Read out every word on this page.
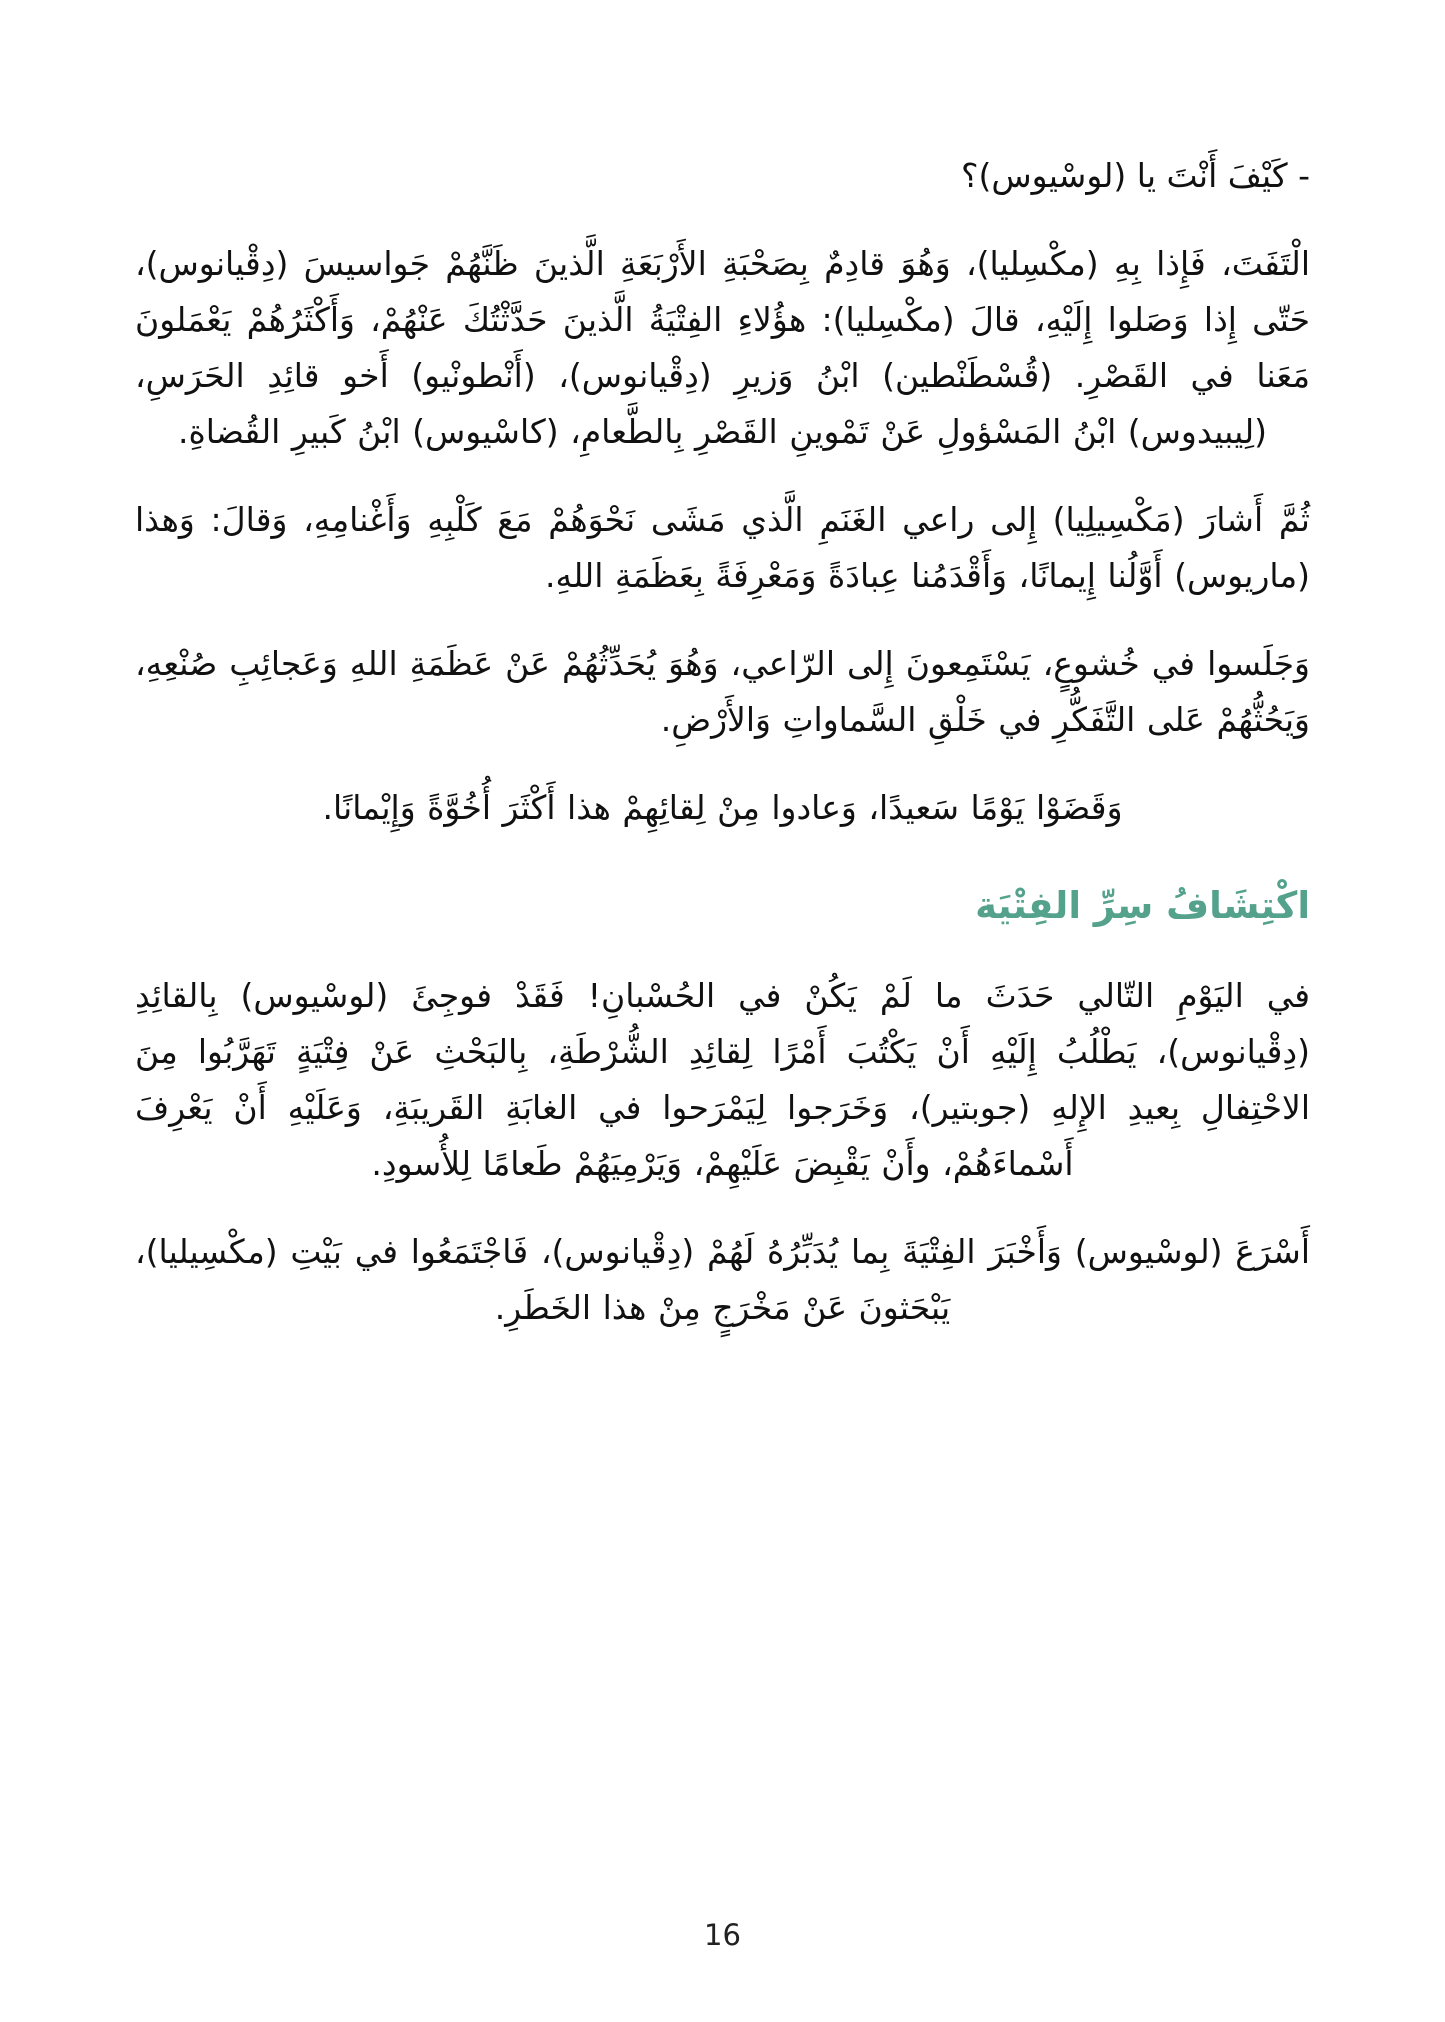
- كَيْفَ أَنْتَ يا (لوسْيوس)؟

الْتَفَتَ، فَإِذا بِهِ (مكْسِليا)، وَهُوَ قادِمٌ بِصَحْبَةِ الأَرْبَعَةِ الَّذينَ ظَنَّهُمْ جَواسيسَ (دِقْيانوس)، حَتّى إِذا وَصَلوا إِلَيْهِ، قالَ (مكْسِليا): هؤُلاءِ الفِتْيَةُ الَّذينَ حَدَّثْتُكَ عَنْهُمْ، وَأَكْثَرُهُمْ يَعْمَلونَ مَعَنا في القَصْرِ. (قُسْطَنْطين) ابْنُ وَزيرِ (دِقْيانوس)، (أَنْطونْيو) أَخو قائِدِ الحَرَسِ، (لِيبيدوس) ابْنُ المَسْؤولِ عَنْ تَمْوينِ القَصْرِ بِالطَّعامِ، (كاسْيوس) ابْنُ كَبيرِ القُضاةِ.

ثُمَّ أَشارَ (مَكْسِيلِيا) إِلى راعي الغَنَمِ الَّذي مَشَى نَحْوَهُمْ مَعَ كَلْبِهِ وَأَغْنامِهِ، وَقالَ: وَهذا (ماريوس) أَوَّلُنا إِيمانًا، وَأَقْدَمُنا عِبادَةً وَمَعْرِفَةً بِعَظَمَةِ اللهِ.

وَجَلَسوا في خُشوعٍ، يَسْتَمِعونَ إِلى الرّاعي، وَهُوَ يُحَدِّثُهُمْ عَنْ عَظَمَةِ اللهِ وَعَجائِبِ صُنْعِهِ، وَيَحُثُّهُمْ عَلى التَّفَكُّرِ في خَلْقِ السَّماواتِ وَالأَرْضِ.

وَقَضَوْا يَوْمًا سَعيدًا، وَعادوا مِنْ لِقائِهِمْ هذا أَكْثَرَ أُخُوَّةً وَإِيْمانًا.

اكْتِشَافُ سِرِّ الفِتْيَة

في اليَوْمِ التّالي حَدَثَ ما لَمْ يَكُنْ في الحُسْبانِ! فَقَدْ فوجِئَ (لوسْيوس) بِالقائِدِ (دِقْيانوس)، يَطْلُبُ إِلَيْهِ أَنْ يَكْتُبَ أَمْرًا لِقائِدِ الشُّرْطَةِ، بِالبَحْثِ عَنْ فِتْيَةٍ تَهَرَّبُوا مِنَ الاحْتِفالِ بِعيدِ الإِلهِ (جوبتير)، وَخَرَجوا لِيَمْرَحوا في الغابَةِ القَريبَةِ، وَعَلَيْهِ أَنْ يَعْرِفَ أَسْماءَهُمْ، وأَنْ يَقْبِضَ عَلَيْهِمْ، وَيَرْمِيَهُمْ طَعامًا لِلأُسودِ.

أَسْرَعَ (لوسْيوس) وَأَخْبَرَ الفِتْيَةَ بِما يُدَبِّرُهُ لَهُمْ (دِقْيانوس)، فَاجْتَمَعُوا في بَيْتِ (مكْسِيليا)، يَبْحَثونَ عَنْ مَخْرَجٍ مِنْ هذا الخَطَرِ.

16
